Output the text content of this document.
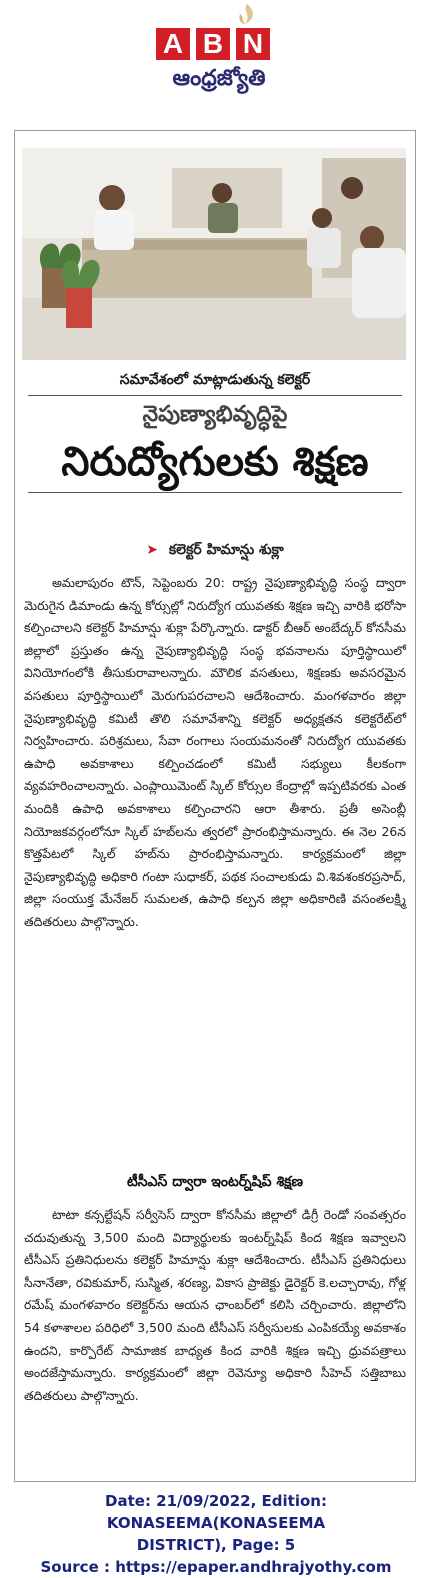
A B N
ఆంధ్రజ్యోతి
సమావేశంలో మాట్లాడుతున్న కలెక్టర్
నైపుణ్యాభివృద్ధిపై
నిరుద్యోగులకు శిక్షణ
➤ కలెక్టర్ హిమాన్షు శుక్లా
అమలాపురం టౌన్, సెప్టెంబరు 20: రాష్ట్ర నైపుణ్యాభివృద్ధి సంస్థ ద్వారా మెరుగైన డిమాండు ఉన్న కోర్సుల్లో నిరుద్యోగ యువతకు శిక్షణ ఇచ్చి వారికి భరోసా కల్పించాలని కలెక్టర్ హిమాన్షు శుక్లా పేర్కొన్నారు. డాక్టర్ బీఆర్ అంబేద్కర్ కోనసీమ జిల్లాలో ప్రస్తుతం ఉన్న నైపుణ్యాభివృద్ధి సంస్థ భవనాలను పూర్తిస్థాయిలో వినియోగంలోకి తీసుకురావాలన్నారు. మౌలిక వసతులు, శిక్షణకు అవసరమైన వసతులు పూర్తిస్థాయిలో మెరుగుపరచాలని ఆదేశించారు. మంగళవారం జిల్లా నైపుణ్యాభివృద్ధి కమిటీ తొలి సమావేశాన్ని కలెక్టర్ అధ్యక్షతన కలెక్టరేట్‌లో నిర్వహించారు. పరిశ్రమలు, సేవా రంగాలు సంయమనంతో నిరుద్యోగ యువతకు ఉపాధి అవకాశాలు కల్పించడంలో కమిటీ సభ్యులు కీలకంగా వ్యవహరించాలన్నారు. ఎంప్లాయిమెంట్ స్కిల్ కోర్సుల కేంద్రాల్లో ఇప్పటివరకు ఎంత మందికి ఉపాధి అవకాశాలు కల్పించారని ఆరా తీశారు. ప్రతీ అసెంబ్లీ నియోజకవర్గంలోనూ స్కిల్ హబ్‌లను త్వరలో ప్రారంభిస్తామన్నారు. ఈ నెల 26న కొత్తపేటలో స్కిల్ హబ్‌ను ప్రారంభిస్తామన్నారు. కార్యక్రమంలో జిల్లా నైపుణ్యాభివృద్ధి అధికారి గంటా సుధాకర్, పథక సంచాలకుడు వి.శివశంకరప్రసాద్, జిల్లా సంయుక్త మేనేజర్ సుమలత, ఉపాధి కల్పన జిల్లా అధికారిణి వసంతలక్ష్మి తదితరులు పాల్గొన్నారు.
టీసీఎస్ ద్వారా ఇంటర్న్‌షిప్ శిక్షణ
టాటా కన్సల్టేషన్ సర్వీసెస్ ద్వారా కోనసీమ జిల్లాలో డిగ్రీ రెండో సంవత్సరం చదువుతున్న 3,500 మంది విద్యార్థులకు ఇంటర్న్‌షిప్ కింద శిక్షణ ఇవ్వాలని టీసీఎస్ ప్రతినిధులను కలెక్టర్ హిమాన్షు శుక్లా ఆదేశించారు. టీసీఎస్ ప్రతినిధులు సీనానేతా, రవికుమార్, సుస్మిత, శరణ్య, వికాస ప్రాజెక్టు డైరెక్టర్ కె.లచ్చారావు, గోళ్ల రమేష్ మంగళవారం కలెక్టర్‌ను ఆయన ఛాంబర్‌లో కలిసి చర్చించారు. జిల్లాలోని 54 కళాశాలల పరిధిలో 3,500 మంది టీసీఎస్ సర్వీసులకు ఎంపికయ్యే అవకాశం ఉందని, కార్పొరేట్ సామాజిక బాధ్యత కింద వారికి శిక్షణ ఇచ్చి ధ్రువపత్రాలు అందజేస్తామన్నారు. కార్యక్రమంలో జిల్లా రెవెన్యూ అధికారి సీహెచ్ సత్తిబాబు తదితరులు పాల్గొన్నారు.
Date: 21/09/2022, Edition: KONASEEMA(KONASEEMA
DISTRICT), Page: 5
Source : https://epaper.andhrajyothy.com
